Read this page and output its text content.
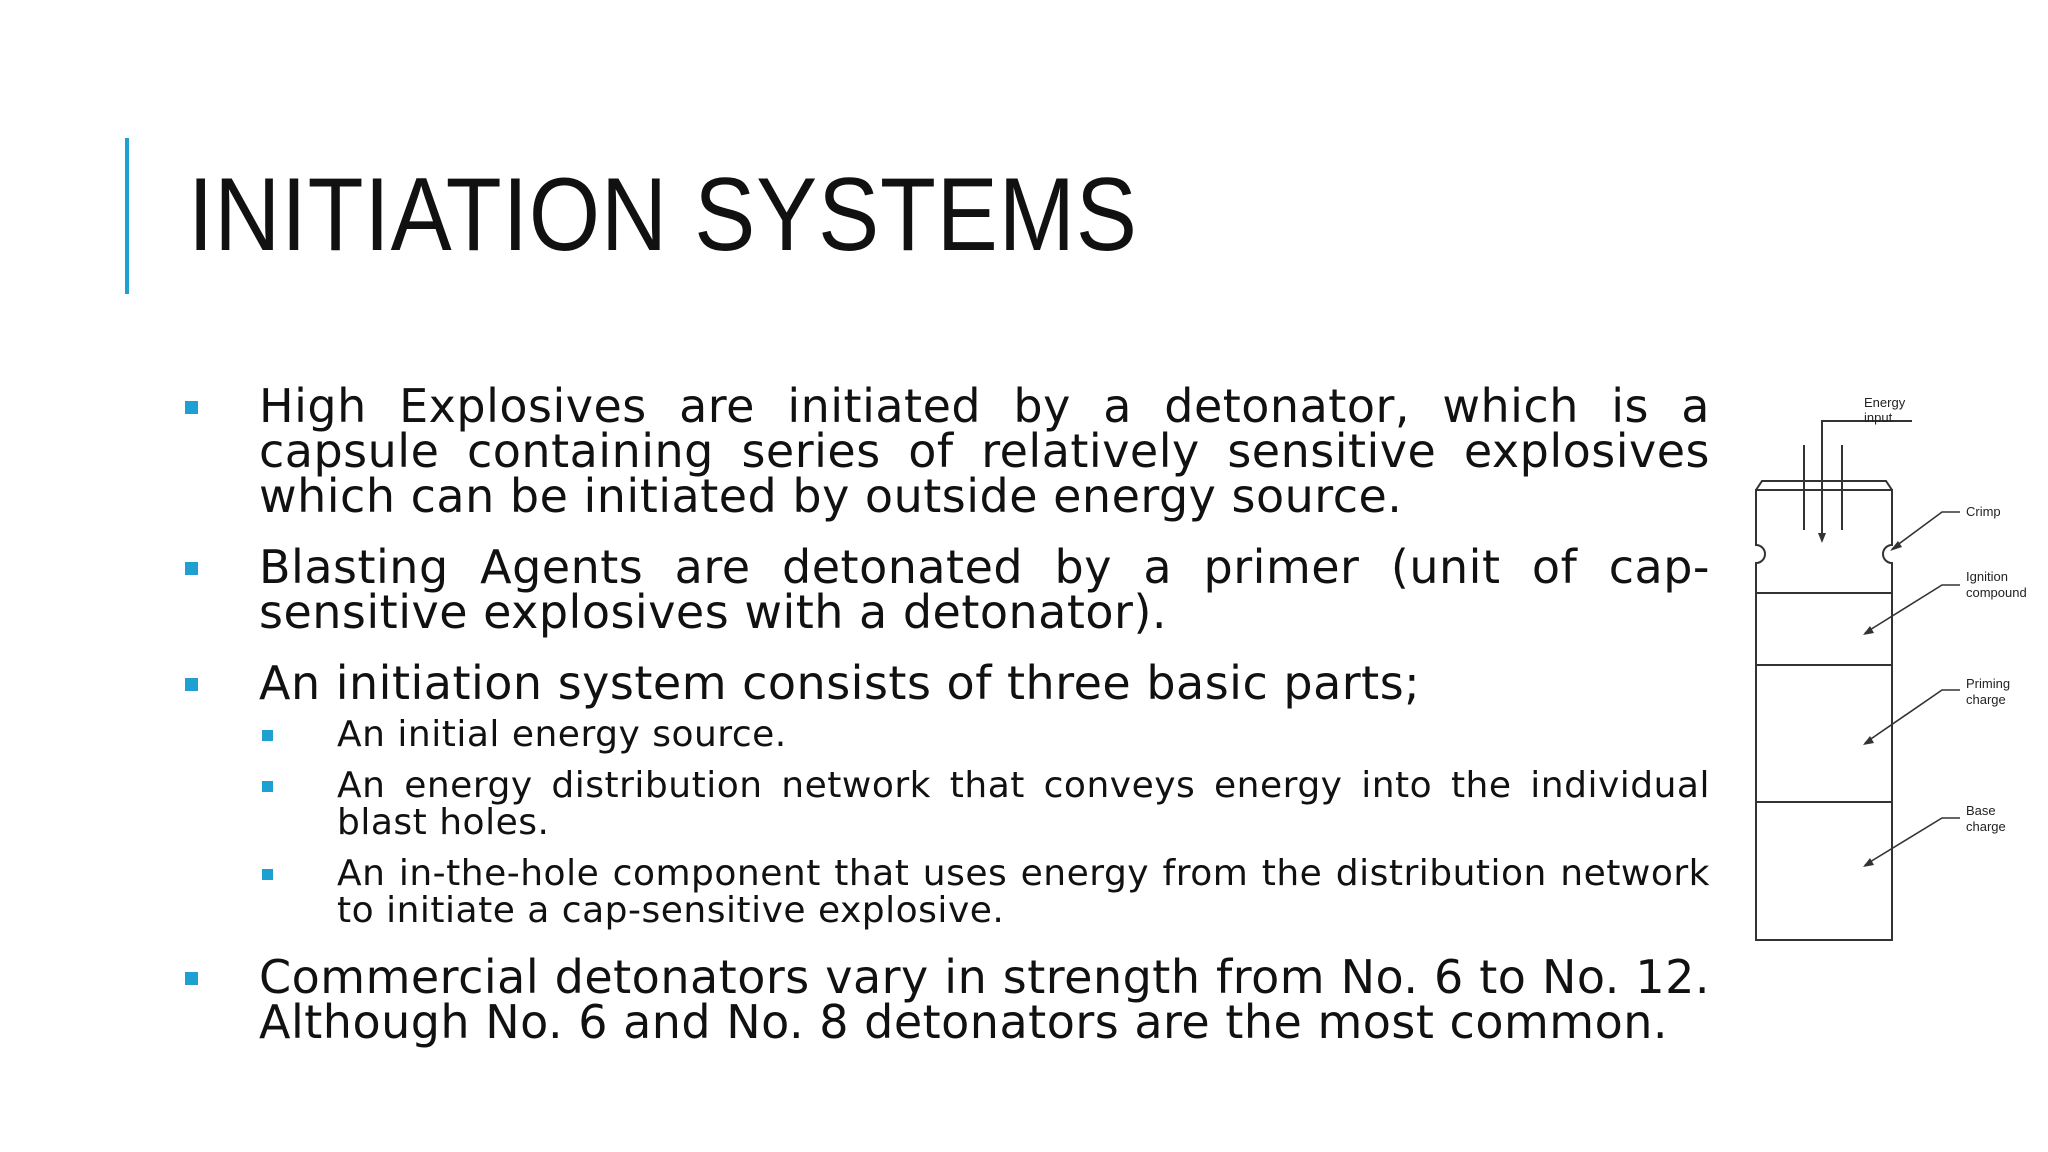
INITIATION SYSTEMS
High Explosives are initiated by a detonator, which is a capsule containing series of relatively sensitive explosives which can be initiated by outside energy source.
Blasting Agents are detonated by a primer (unit of cap-sensitive explosives with a detonator).
An initiation system consists of three basic parts;
An initial energy source.
An energy distribution network that conveys energy into the individual blast holes.
An in-the-hole component that uses energy from the distribution network to initiate a cap-sensitive explosive.
Commercial detonators vary in strength from No. 6 to No. 12. Although No. 6 and No. 8 detonators are the most common.
Energy input
Crimp
Ignition compound
Priming charge
Base charge
